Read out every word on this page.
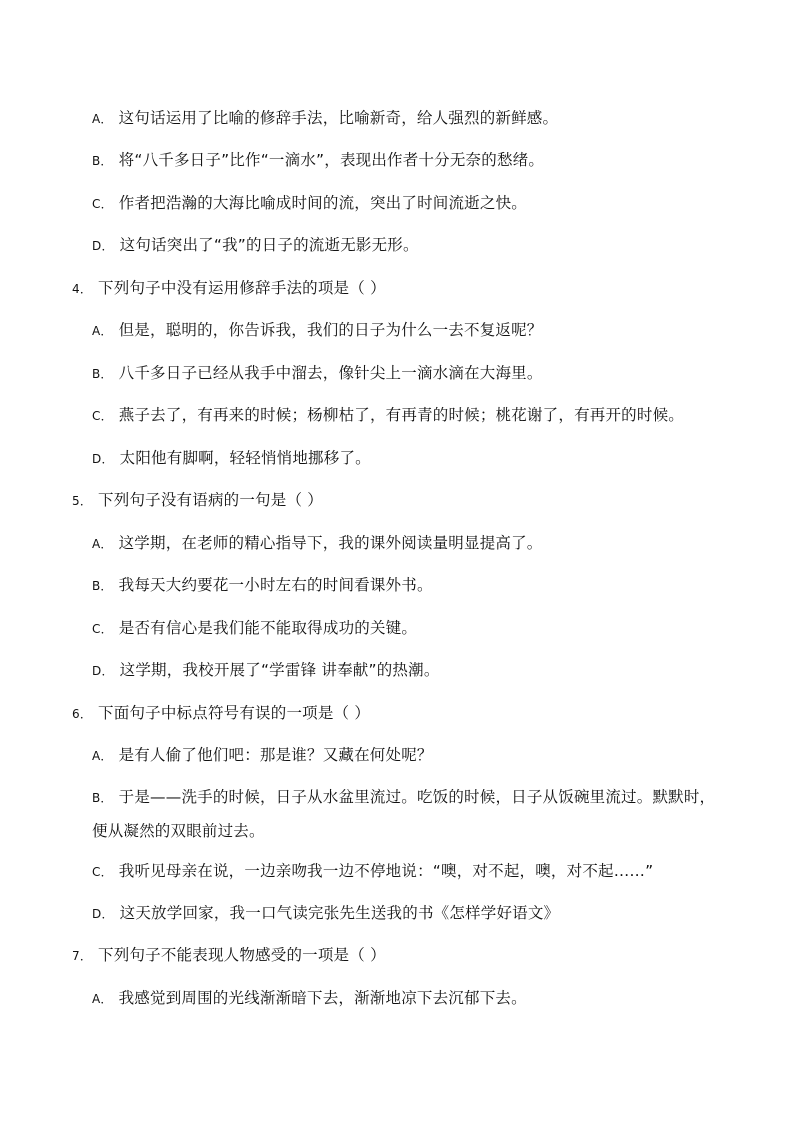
A． 这句话运用了比喻的修辞手法，比喻新奇，给人强烈的新鲜感。
B． 将“八千多日子”比作“一滴水”，表现出作者十分无奈的愁绪。
C． 作者把浩瀚的大海比喻成时间的流，突出了时间流逝之快。
D． 这句话突出了“我”的日子的流逝无影无形。
4． 下列句子中没有运用修辞手法的项是（ ）
A． 但是，聪明的，你告诉我，我们的日子为什么一去不复返呢？
B． 八千多日子已经从我手中溜去，像针尖上一滴水滴在大海里。
C． 燕子去了，有再来的时候；杨柳枯了，有再青的时候；桃花谢了，有再开的时候。
D． 太阳他有脚啊，轻轻悄悄地挪移了。
5． 下列句子没有语病的一句是（ ）
A． 这学期，在老师的精心指导下，我的课外阅读量明显提高了。
B． 我每天大约要花一小时左右的时间看课外书。
C． 是否有信心是我们能不能取得成功的关键。
D． 这学期，我校开展了“学雷锋 讲奉献”的热潮。
6． 下面句子中标点符号有误的一项是（ ）
A． 是有人偷了他们吧：那是谁？又藏在何处呢？
B． 于是——洗手的时候，日子从水盆里流过。吃饭的时候，日子从饭碗里流过。默默时，
便从凝然的双眼前过去。
C． 我听见母亲在说，一边亲吻我一边不停地说：“噢，对不起，噢，对不起……”
D． 这天放学回家，我一口气读完张先生送我的书《怎样学好语文》
7． 下列句子不能表现人物感受的一项是（ ）
A． 我感觉到周围的光线渐渐暗下去，渐渐地凉下去沉郁下去。
